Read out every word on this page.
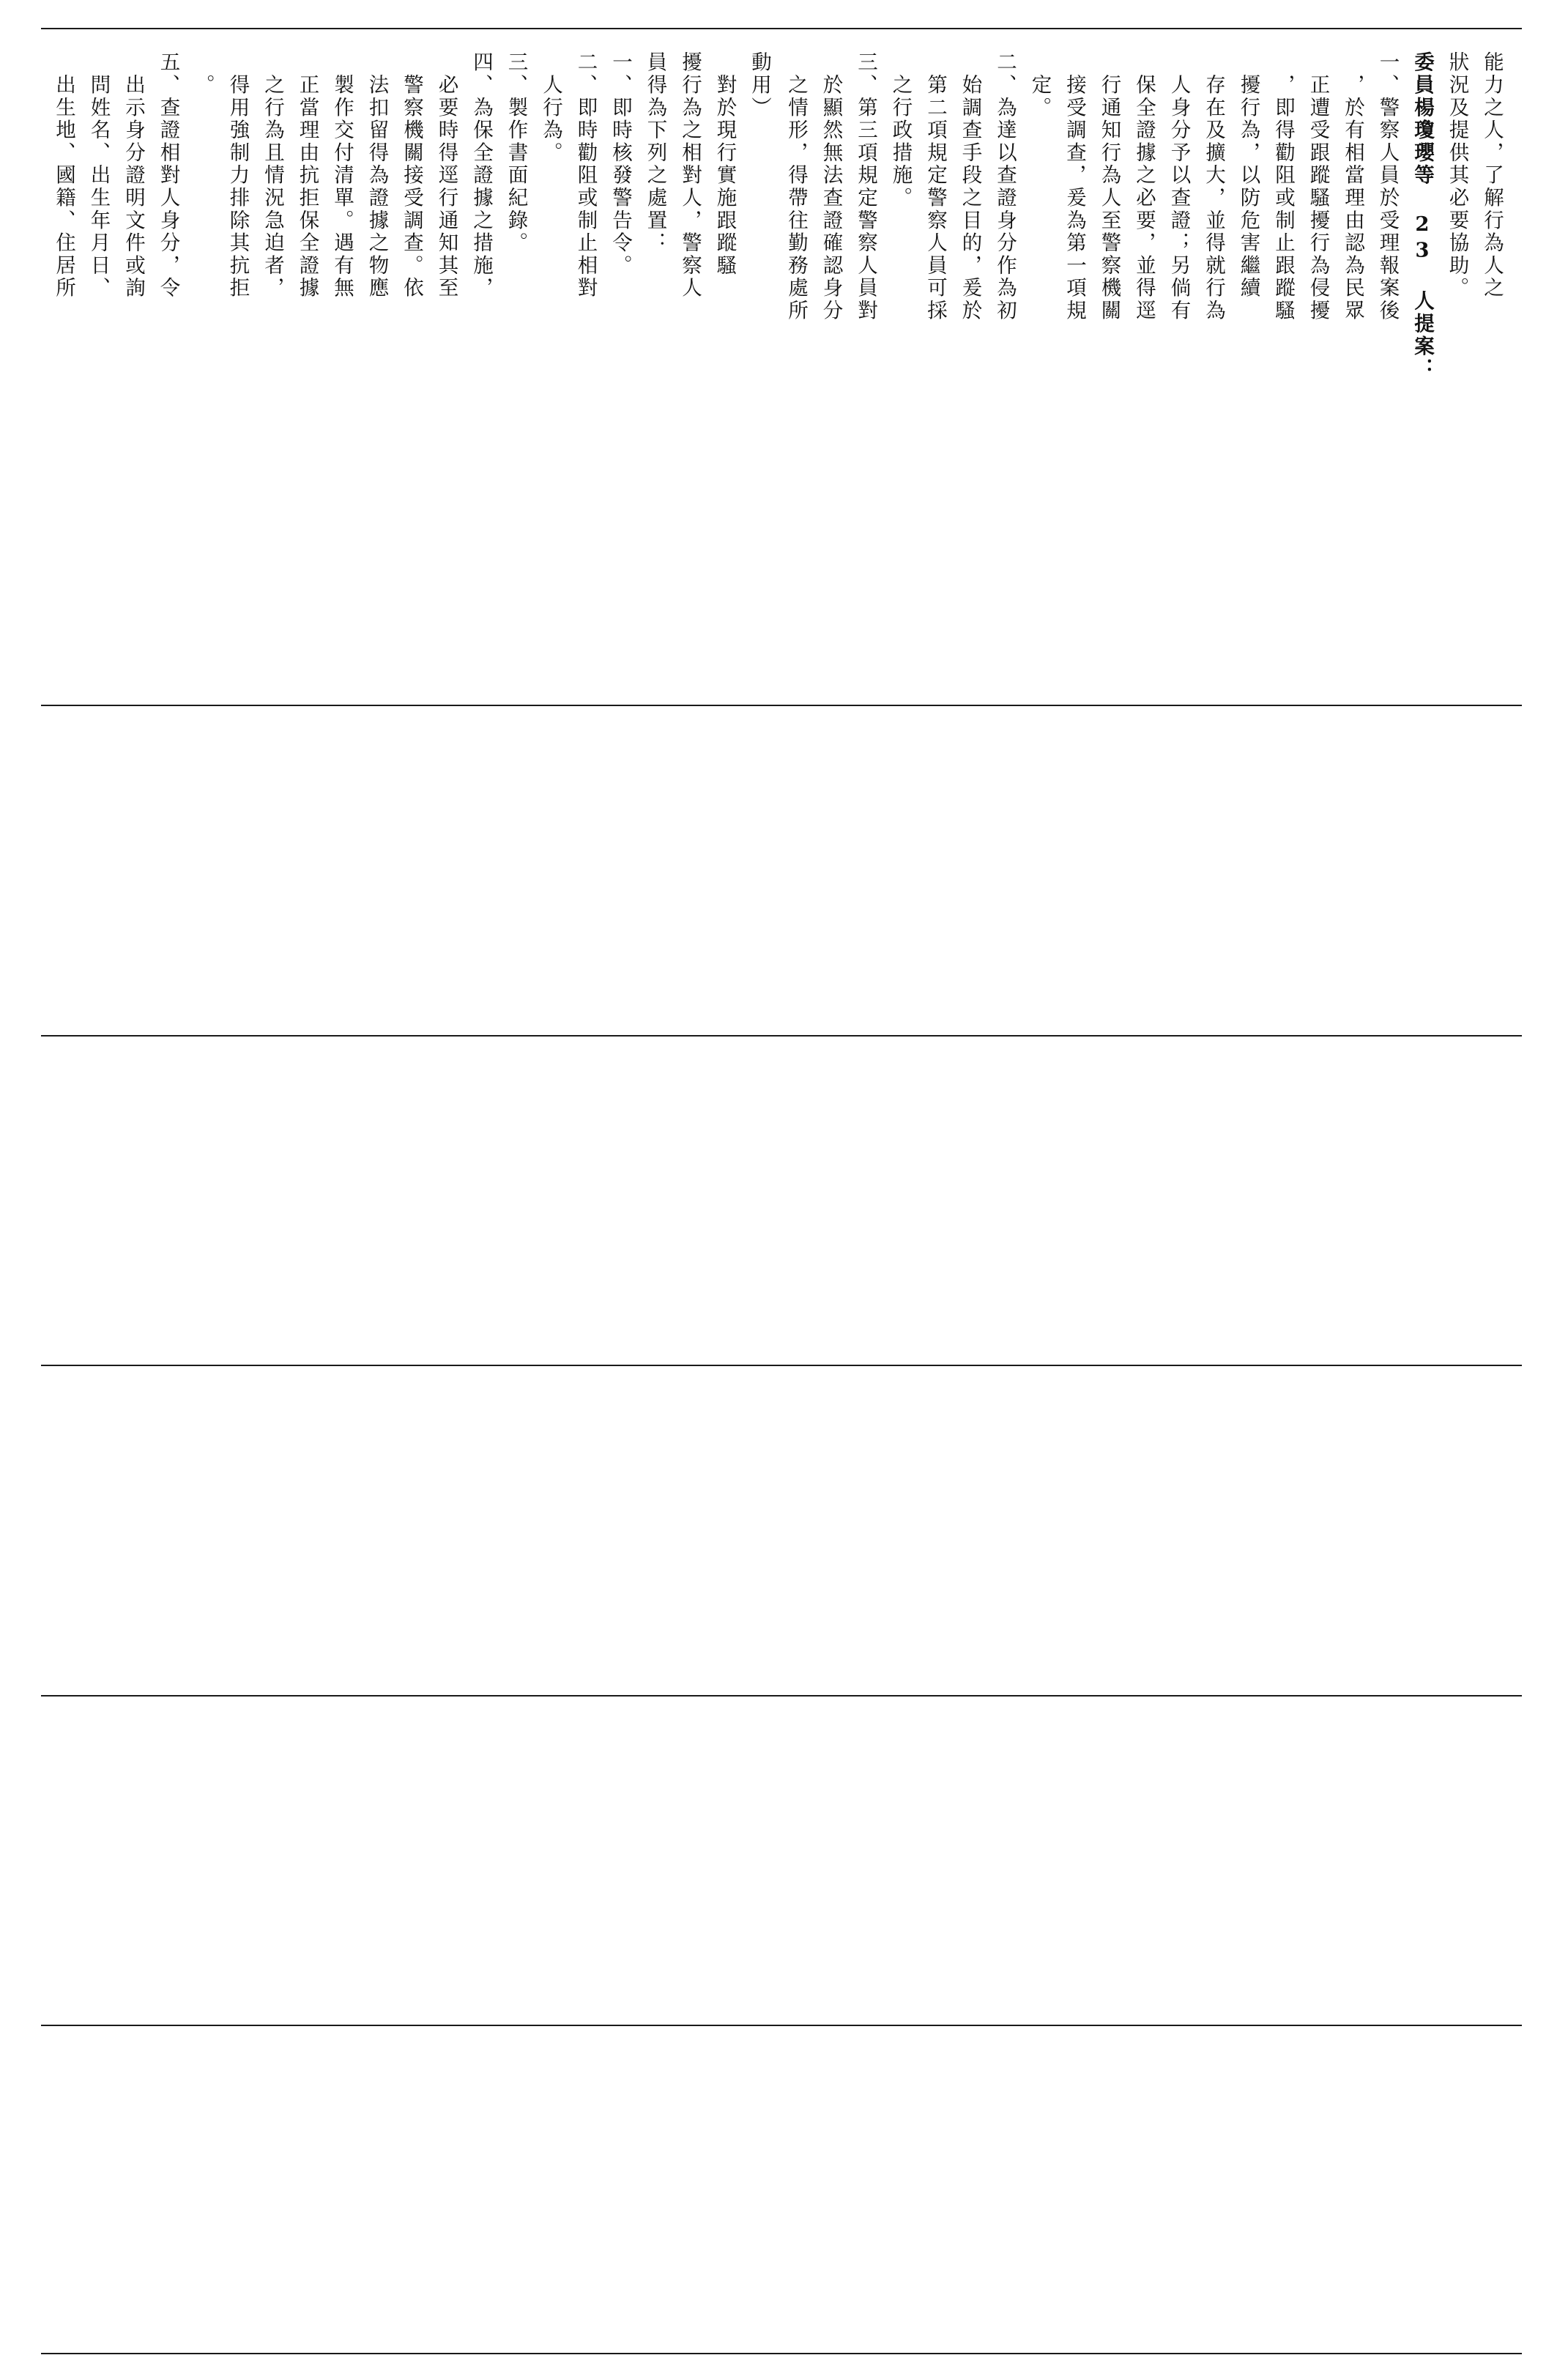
能力之人，了解行為人之

狀況及提供其必要協助。

委員楊瓊瓔等 23 人提案：

一、警察人員於受理報案後

　，於有相當理由認為民眾

　正遭受跟蹤騷擾行為侵擾

　，即得勸阻或制止跟蹤騷

　擾行為，以防危害繼續

　存在及擴大，並得就行為

　人身分予以查證；另倘有

　保全證據之必要，並得逕

　行通知行為人至警察機關

　接受調查，爰為第一項規

　定。

二、為達以查證身分作為初

　始調查手段之目的，爰於

　第二項規定警察人員可採

　之行政措施。

三、第三項規定警察人員對

　於顯然無法查證確認身分

　之情形，得帶往勤務處所

動用）

　對於現行實施跟蹤騷

擾行為之相對人，警察人

員得為下列之處置：

一、即時核發警告令。

二、即時勸阻或制止相對

　人行為。

三、製作書面紀錄。

四、為保全證據之措施，

　必要時得逕行通知其至

　警察機關接受調查。依

　法扣留得為證據之物應

　製作交付清單。遇有無

　正當理由抗拒保全證據

　之行為且情況急迫者，

　得用強制力排除其抗拒

　。

五、查證相對人身分，令

　出示身分證明文件或詢

　問姓名、出生年月日、

　出生地、國籍、住居所
